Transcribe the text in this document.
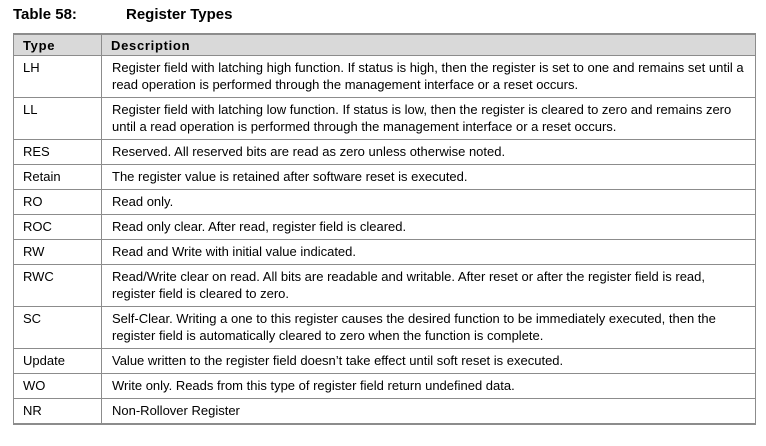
Table 58:	Register Types
Type	Description
LH	Register field with latching high function. If status is high, then the register is set to one and remains set until a read operation is performed through the management interface or a reset occurs.
LL	Register field with latching low function. If status is low, then the register is cleared to zero and remains zero until a read operation is performed through the management interface or a reset occurs.
RES	Reserved. All reserved bits are read as zero unless otherwise noted.
Retain	The register value is retained after software reset is executed.
RO	Read only.
ROC	Read only clear. After read, register field is cleared.
RW	Read and Write with initial value indicated.
RWC	Read/Write clear on read. All bits are readable and writable. After reset or after the register field is read, register field is cleared to zero.
SC	Self-Clear. Writing a one to this register causes the desired function to be immediately executed, then the register field is automatically cleared to zero when the function is complete.
Update	Value written to the register field doesn’t take effect until soft reset is executed.
WO	Write only. Reads from this type of register field return undefined data.
NR	Non-Rollover Register
